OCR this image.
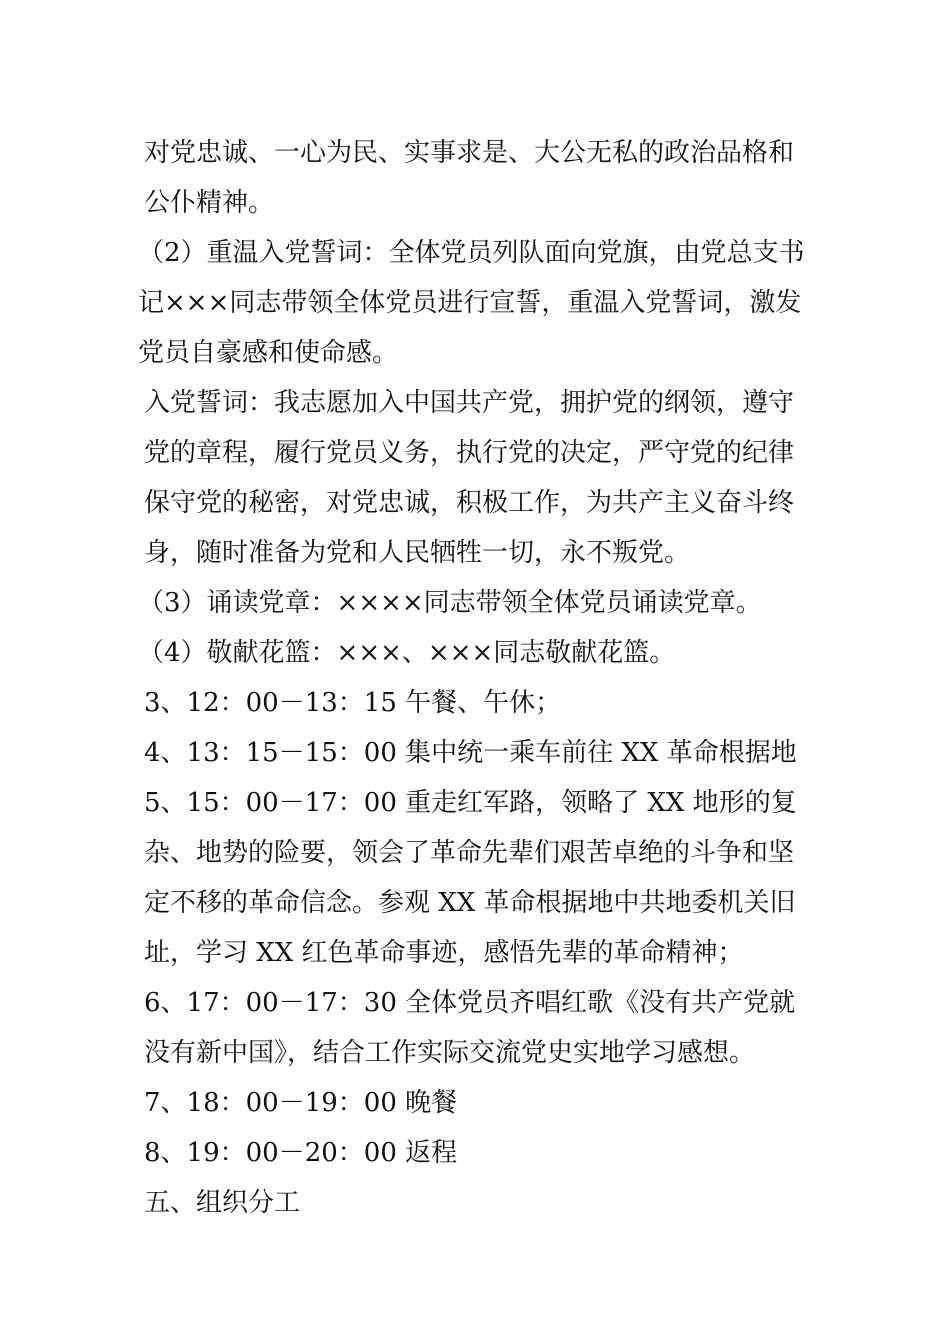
对党忠诚、一心为民、实事求是、大公无私的政治品格和公仆精神。

（2）重温入党誓词：全体党员列队面向党旗，由党总支书记×××同志带领全体党员进行宣誓，重温入党誓词，激发党员自豪感和使命感。

入党誓词：我志愿加入中国共产党，拥护党的纲领，遵守党的章程，履行党员义务，执行党的决定，严守党的纪律保守党的秘密，对党忠诚，积极工作，为共产主义奋斗终身，随时准备为党和人民牺牲一切，永不叛党。

（3）诵读党章：××××同志带领全体党员诵读党章。

（4）敬献花篮：×××、×××同志敬献花篮。

3、12：00－13：15 午餐、午休；

4、13：15－15：00 集中统一乘车前往 XX 革命根据地

5、15：00－17：00 重走红军路，领略了 XX 地形的复杂、地势的险要，领会了革命先辈们艰苦卓绝的斗争和坚定不移的革命信念。参观 XX 革命根据地中共地委机关旧址，学习 XX 红色革命事迹，感悟先辈的革命精神；

6、17：00－17：30 全体党员齐唱红歌《没有共产党就没有新中国》，结合工作实际交流党史实地学习感想。

7、18：00－19：00 晚餐

8、19：00－20：00 返程

五、组织分工
